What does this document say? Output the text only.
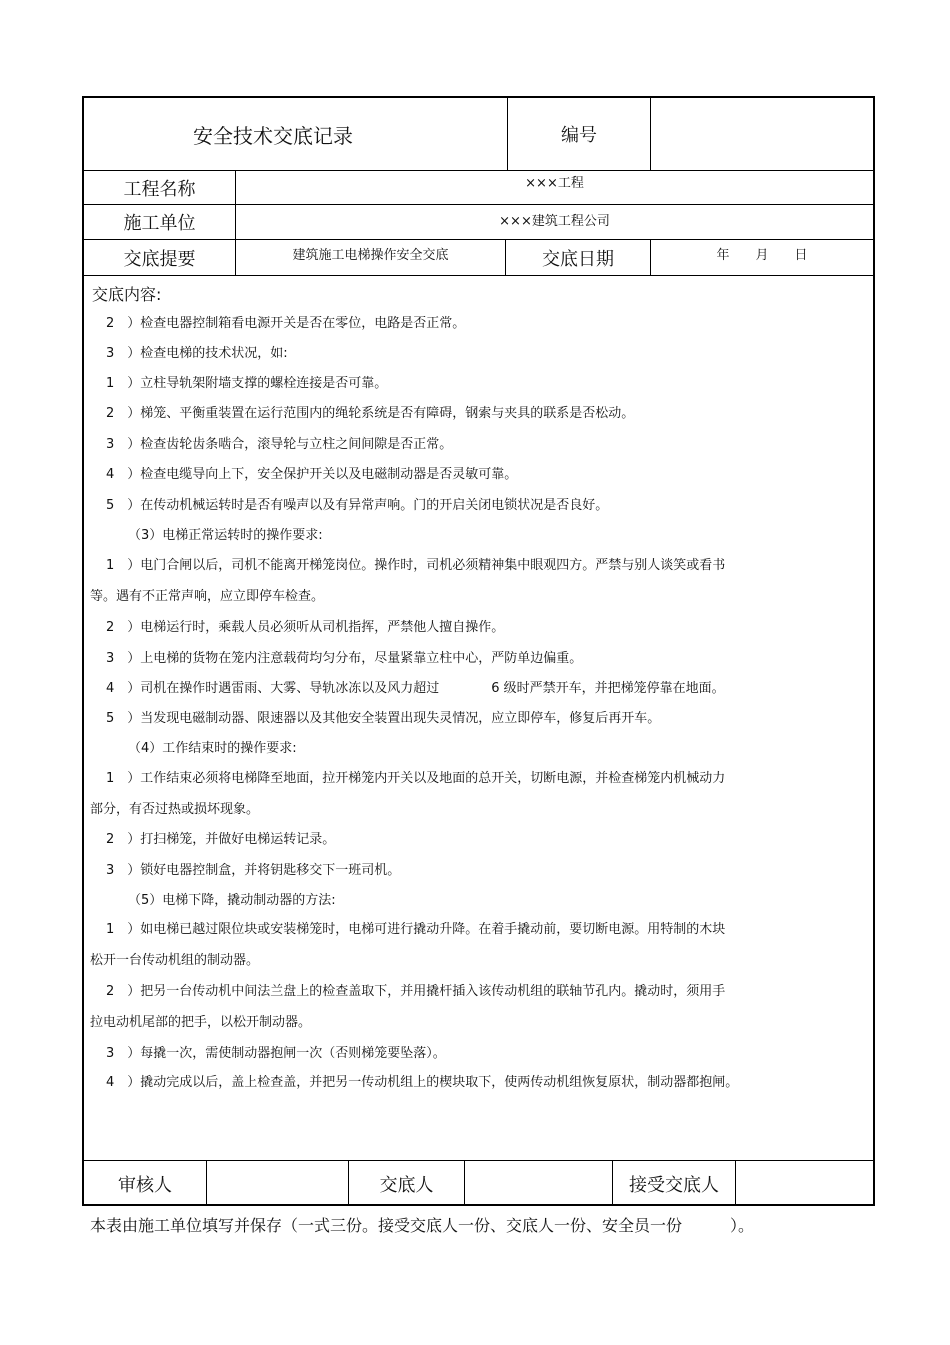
安全技术交底记录	编号
工程名称	×××工程
施工单位	×××建筑工程公司
交底提要	建筑施工电梯操作安全交底	交底日期	年　　月　　日
交底内容:
2　）检查电器控制箱看电源开关是否在零位，电路是否正常。
3　）检查电梯的技术状况，如:
1　）立柱导轨架附墙支撑的螺栓连接是否可靠。
2　）梯笼、平衡重装置在运行范围内的绳轮系统是否有障碍，钢索与夹具的联系是否松动。
3　）检查齿轮齿条啮合，滚导轮与立柱之间间隙是否正常。
4　）检查电缆导向上下，安全保护开关以及电磁制动器是否灵敏可靠。
5　）在传动机械运转时是否有噪声以及有异常声响。门的开启关闭电锁状况是否良好。
（3）电梯正常运转时的操作要求:
1　）电门合闸以后，司机不能离开梯笼岗位。操作时，司机必须精神集中眼观四方。严禁与别人谈笑或看书
等。遇有不正常声响，应立即停车检查。
2　）电梯运行时，乘载人员必须听从司机指挥，严禁他人擅自操作。
3　）上电梯的货物在笼内注意载荷均匀分布，尽量紧靠立柱中心，严防单边偏重。
4　）司机在操作时遇雷雨、大雾、导轨冰冻以及风力超过　　　　6 级时严禁开车，并把梯笼停靠在地面。
5　）当发现电磁制动器、限速器以及其他安全装置出现失灵情况，应立即停车，修复后再开车。
（4）工作结束时的操作要求:
1　）工作结束必须将电梯降至地面，拉开梯笼内开关以及地面的总开关，切断电源，并检查梯笼内机械动力
部分，有否过热或损坏现象。
2　）打扫梯笼，并做好电梯运转记录。
3　）锁好电器控制盒，并将钥匙移交下一班司机。
（5）电梯下降，撬动制动器的方法:
1　）如电梯已越过限位块或安装梯笼时，电梯可进行撬动升降。在着手撬动前，要切断电源。用特制的木块
松开一台传动机组的制动器。
2　）把另一台传动机中间法兰盘上的检查盖取下，并用撬杆插入该传动机组的联轴节孔内。撬动时，须用手
拉电动机尾部的把手，以松开制动器。
3　）每撬一次，需使制动器抱闸一次（否则梯笼要坠落）。
4　）撬动完成以后，盖上检查盖，并把另一传动机组上的楔块取下，使两传动机组恢复原状，制动器都抱闸。
审核人	交底人	接受交底人
本表由施工单位填写并保存（一式三份。接受交底人一份、交底人一份、安全员一份　　　）。
